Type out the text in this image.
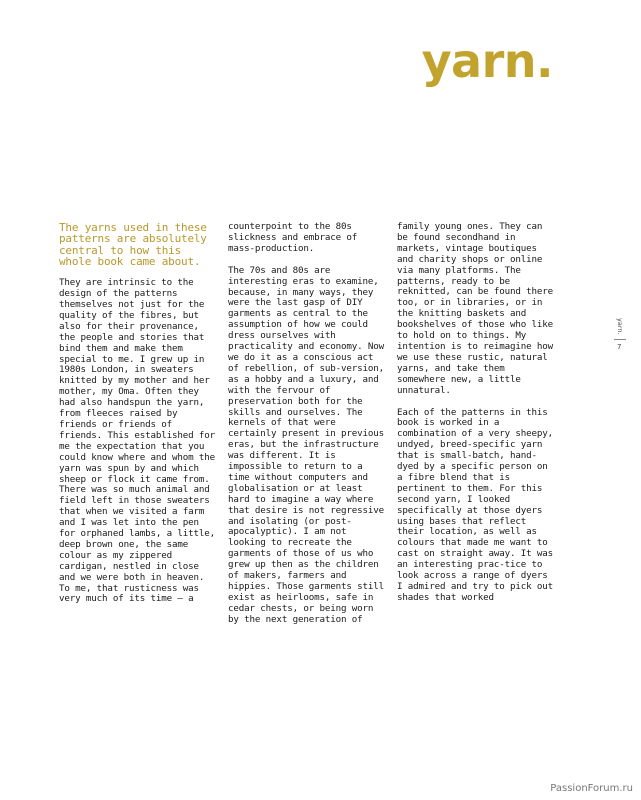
yarn.

The yarns used in these patterns are absolutely central to how this whole book came about.

They are intrinsic to the design of the patterns themselves not just for the quality of the fibres, but also for their provenance, the people and stories that bind them and make them special to me. I grew up in 1980s London, in sweaters knitted by my mother and her mother, my Oma. Often they had also handspun the yarn, from fleeces raised by friends or friends of friends. This established for me the expectation that you could know where and whom the yarn was spun by and which sheep or flock it came from. There was so much animal and field left in those sweaters that when we visited a farm and I was let into the pen for orphaned lambs, a little, deep brown one, the same colour as my zippered cardigan, nestled in close and we were both in heaven. To me, that rusticness was very much of its time — a

counterpoint to the 80s slickness and embrace of mass-production.

The 70s and 80s are interesting eras to examine, because, in many ways, they were the last gasp of DIY garments as central to the assumption of how we could dress ourselves with practicality and economy. Now we do it as a conscious act of rebellion, of sub-version, as a hobby and a luxury, and with the fervour of preservation both for the skills and ourselves. The kernels of that were certainly present in previous eras, but the infrastructure was different. It is impossible to return to a time without computers and globalisation or at least hard to imagine a way where that desire is not regressive and isolating (or post-apocalyptic). I am not looking to recreate the garments of those of us who grew up then as the children of makers, farmers and hippies. Those garments still exist as heirlooms, safe in cedar chests, or being worn by the next generation of

family young ones. They can be found secondhand in markets, vintage boutiques and charity shops or online via many platforms. The patterns, ready to be reknitted, can be found there too, or in libraries, or in the knitting baskets and bookshelves of those who like to hold on to things. My intention is to reimagine how we use these rustic, natural yarns, and take them somewhere new, a little unnatural.

Each of the patterns in this book is worked in a combination of a very sheepy, undyed, breed-specific yarn that is small-batch, hand-dyed by a specific person on a fibre blend that is pertinent to them. For this second yarn, I looked specifically at those dyers using bases that reflect their location, as well as colours that made me want to cast on straight away. It was an interesting prac-tice to look across a range of dyers I admired and try to pick out shades that worked

yarn.
7
PassionForum.ru
